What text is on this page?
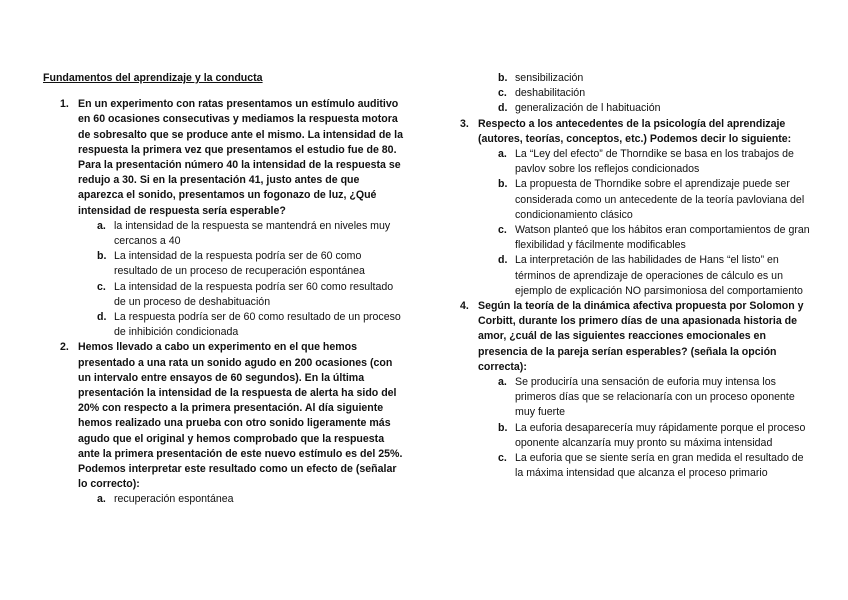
Fundamentos del aprendizaje y la conducta
1. En un experimento con ratas presentamos un estímulo auditivo en 60 ocasiones consecutivas y mediamos la respuesta motora de sobresalto que se produce ante el mismo. La intensidad de la respuesta la primera vez que presentamos el estudio fue de 80. Para la presentación número 40 la intensidad de la respuesta se redujo a 30. Si en la presentación 41, justo antes de que aparezca el sonido, presentamos un fogonazo de luz, ¿Qué intensidad de respuesta sería esperable?
a. la intensidad de la respuesta se mantendrá en niveles muy cercanos a 40
b. La intensidad de la respuesta podría ser de 60 como resultado de un proceso de recuperación espontánea
c. La intensidad de la respuesta podría ser 60 como resultado de un proceso de deshabituación
d. La respuesta podría ser de 60 como resultado de un proceso de inhibición condicionada
2. Hemos llevado a cabo un experimento en el que hemos presentado a una rata un sonido agudo en 200 ocasiones (con un intervalo entre ensayos de 60 segundos). En la última presentación la intensidad de la respuesta de alerta ha sido del 20% con respecto a la primera presentación. Al día siguiente hemos realizado una prueba con otro sonido ligeramente más agudo que el original y hemos comprobado que la respuesta ante la primera presentación de este nuevo estímulo es del 25%. Podemos interpretar este resultado como un efecto de (señalar lo correcto):
a. recuperación espontánea
b. sensibilización
c. deshabilitación
d. generalización de l habituación
3. Respecto a los antecedentes de la psicología del aprendizaje (autores, teorías, conceptos, etc.) Podemos decir lo siguiente:
a. La “Ley del efecto” de Thorndike se basa en los trabajos de pavlov sobre los reflejos condicionados
b. La propuesta de Thorndike sobre el aprendizaje puede ser considerada como un antecedente de la teoría pavloviana del condicionamiento clásico
c. Watson planteó que los hábitos eran comportamientos de gran flexibilidad y fácilmente modificables
d. La interpretación de las habilidades de Hans “el listo” en términos de aprendizaje de operaciones de cálculo es un ejemplo de explicación NO parsimoniosa del comportamiento
4. Según la teoría de la dinámica afectiva propuesta por Solomon y Corbitt, durante los primero días de una apasionada historia de amor, ¿cuál de las siguientes reacciones emocionales en presencia de la pareja serían esperables? (señala la opción correcta):
a. Se produciría una sensación de euforia muy intensa los primeros días que se relacionaría con un proceso oponente muy fuerte
b. La euforia desaparecería muy rápidamente porque el proceso oponente alcanzaría muy pronto su máxima intensidad
c. La euforia que se siente sería en gran medida el resultado de la máxima intensidad que alcanza el proceso primario
